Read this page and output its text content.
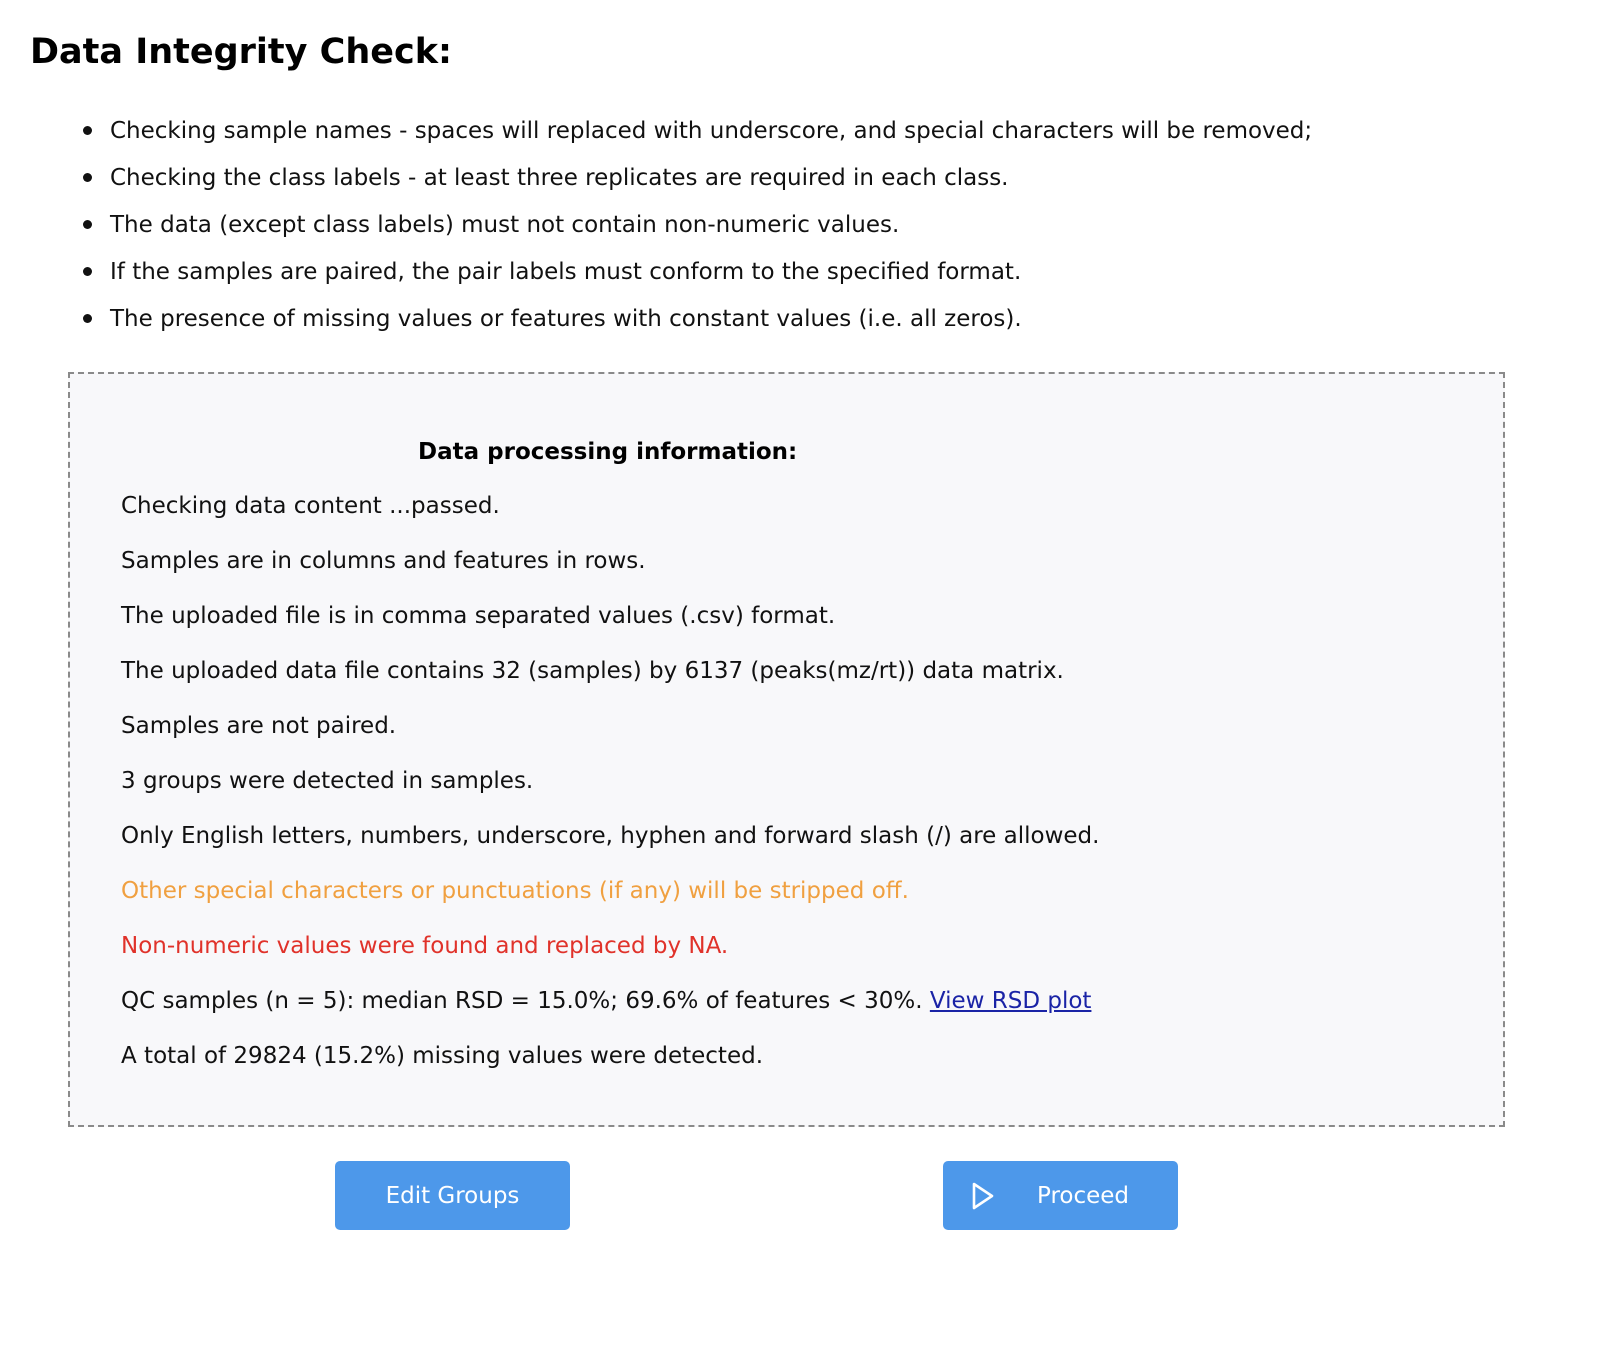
Data Integrity Check:
Checking sample names - spaces will replaced with underscore, and special characters will be removed;
Checking the class labels - at least three replicates are required in each class.
The data (except class labels) must not contain non-numeric values.
If the samples are paired, the pair labels must conform to the specified format.
The presence of missing values or features with constant values (i.e. all zeros).
Data processing information:
Checking data content ...passed.
Samples are in columns and features in rows.
The uploaded file is in comma separated values (.csv) format.
The uploaded data file contains 32 (samples) by 6137 (peaks(mz/rt)) data matrix.
Samples are not paired.
3 groups were detected in samples.
Only English letters, numbers, underscore, hyphen and forward slash (/) are allowed.
Other special characters or punctuations (if any) will be stripped off.
Non-numeric values were found and replaced by NA.
QC samples (n = 5): median RSD = 15.0%; 69.6% of features < 30%. View RSD plot
A total of 29824 (15.2%) missing values were detected.
Edit Groups	Proceed
